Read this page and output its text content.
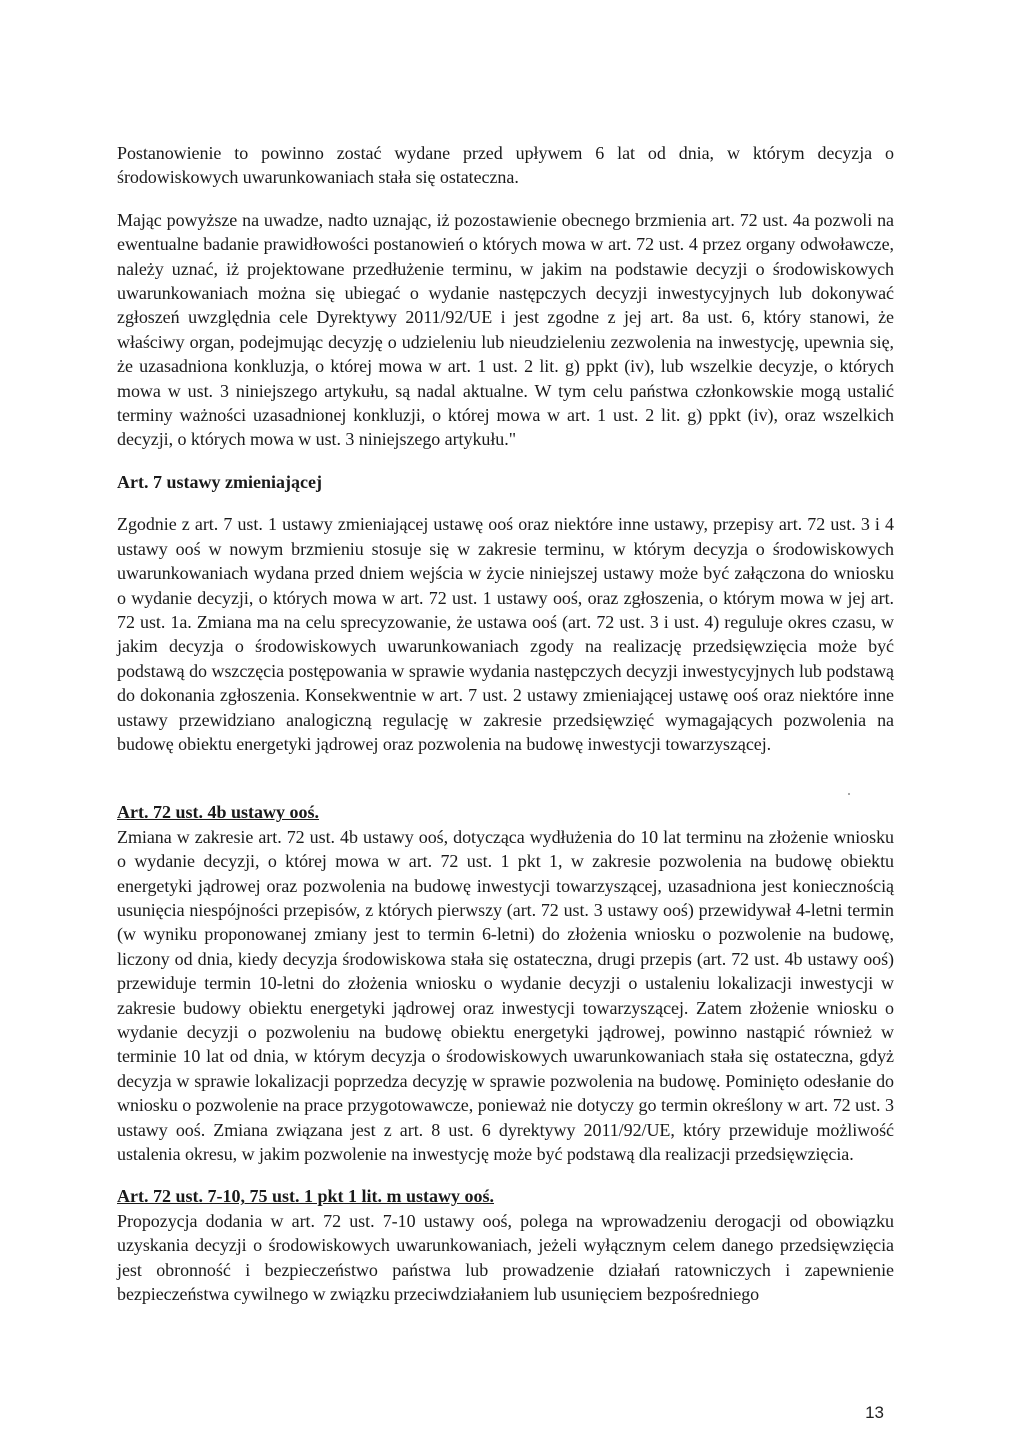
Postanowienie to powinno zostać wydane przed upływem 6 lat od dnia, w którym decyzja o środowiskowych uwarunkowaniach stała się ostateczna.

Mając powyższe na uwadze, nadto uznając, iż pozostawienie obecnego brzmienia art. 72 ust. 4a pozwoli na ewentualne badanie prawidłowości postanowień o których mowa w art. 72 ust. 4 przez organy odwoławcze, należy uznać, iż projektowane przedłużenie terminu, w jakim na podstawie decyzji o środowiskowych uwarunkowaniach można się ubiegać o wydanie następczych decyzji inwestycyjnych lub dokonywać zgłoszeń uwzględnia cele Dyrektywy 2011/92/UE i jest zgodne z jej art. 8a ust. 6, który stanowi, że właściwy organ, podejmując decyzję o udzieleniu lub nieudzieleniu zezwolenia na inwestycję, upewnia się, że uzasadniona konkluzja, o której mowa w art. 1 ust. 2 lit. g) ppkt (iv), lub wszelkie decyzje, o których mowa w ust. 3 niniejszego artykułu, są nadal aktualne. W tym celu państwa członkowskie mogą ustalić terminy ważności uzasadnionej konkluzji, o której mowa w art. 1 ust. 2 lit. g) ppkt (iv), oraz wszelkich decyzji, o których mowa w ust. 3 niniejszego artykułu."

Art. 7 ustawy zmieniającej

Zgodnie z art. 7 ust. 1 ustawy zmieniającej ustawę ooś oraz niektóre inne ustawy, przepisy art. 72 ust. 3 i 4 ustawy ooś w nowym brzmieniu stosuje się w zakresie terminu, w którym decyzja o środowiskowych uwarunkowaniach wydana przed dniem wejścia w życie niniejszej ustawy może być załączona do wniosku o wydanie decyzji, o których mowa w art. 72 ust. 1 ustawy ooś, oraz zgłoszenia, o którym mowa w jej art. 72 ust. 1a. Zmiana ma na celu sprecyzowanie, że ustawa ooś (art. 72 ust. 3 i ust. 4) reguluje okres czasu, w jakim decyzja o środowiskowych uwarunkowaniach zgody na realizację przedsięwzięcia może być podstawą do wszczęcia postępowania w sprawie wydania następczych decyzji inwestycyjnych lub podstawą do dokonania zgłoszenia. Konsekwentnie w art. 7 ust. 2 ustawy zmieniającej ustawę ooś oraz niektóre inne ustawy przewidziano analogiczną regulację w zakresie przedsięwzięć wymagających pozwolenia na budowę obiektu energetyki jądrowej oraz pozwolenia na budowę inwestycji towarzyszącej.

Art. 72 ust. 4b ustawy ooś.

Zmiana w zakresie art. 72 ust. 4b ustawy ooś, dotycząca wydłużenia do 10 lat terminu na złożenie wniosku o wydanie decyzji, o której mowa w art. 72 ust. 1 pkt 1, w zakresie pozwolenia na budowę obiektu energetyki jądrowej oraz pozwolenia na budowę inwestycji towarzyszącej, uzasadniona jest koniecznością usunięcia niespójności przepisów, z których pierwszy (art. 72 ust. 3 ustawy ooś) przewidywał 4-letni termin (w wyniku proponowanej zmiany jest to termin 6-letni) do złożenia wniosku o pozwolenie na budowę, liczony od dnia, kiedy decyzja środowiskowa stała się ostateczna, drugi przepis (art. 72 ust. 4b ustawy ooś) przewiduje termin 10-letni do złożenia wniosku o wydanie decyzji o ustaleniu lokalizacji inwestycji w zakresie budowy obiektu energetyki jądrowej oraz inwestycji towarzyszącej. Zatem złożenie wniosku o wydanie decyzji o pozwoleniu na budowę obiektu energetyki jądrowej, powinno nastąpić również w terminie 10 lat od dnia, w którym decyzja o środowiskowych uwarunkowaniach stała się ostateczna, gdyż decyzja w sprawie lokalizacji poprzedza decyzję w sprawie pozwolenia na budowę. Pominięto odesłanie do wniosku o pozwolenie na prace przygotowawcze, ponieważ nie dotyczy go termin określony w art. 72 ust. 3 ustawy ooś. Zmiana związana jest z art. 8 ust. 6 dyrektywy 2011/92/UE, który przewiduje możliwość ustalenia okresu, w jakim pozwolenie na inwestycję może być podstawą dla realizacji przedsięwzięcia.

Art. 72 ust. 7-10, 75 ust. 1 pkt 1 lit. m ustawy ooś.

Propozycja dodania w art. 72 ust. 7-10 ustawy ooś, polega na wprowadzeniu derogacji od obowiązku uzyskania decyzji o środowiskowych uwarunkowaniach, jeżeli wyłącznym celem danego przedsięwzięcia jest obronność i bezpieczeństwo państwa lub prowadzenie działań ratowniczych i zapewnienie bezpieczeństwa cywilnego w związku przeciwdziałaniem lub usunięciem bezpośredniego

13
